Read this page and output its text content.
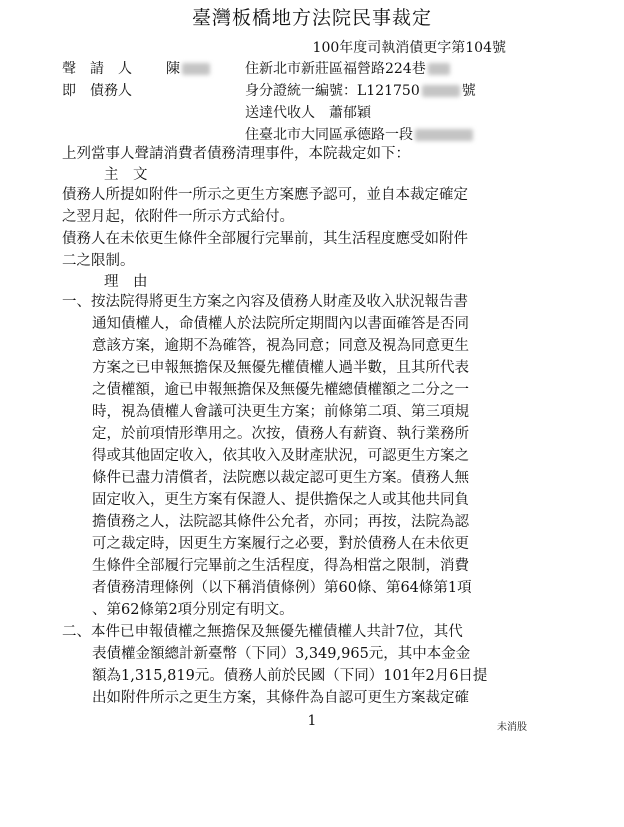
臺灣板橋地方法院民事裁定
100年度司執消債更字第104號
聲　請　人 陳	住新北市新莊區福營路224巷
即　債務人	身分證統一編號：L121750	號
送達代收人　蕭郁穎
住臺北市大同區承德路一段
上列當事人聲請消費者債務清理事件，本院裁定如下：
主　文
債務人所提如附件一所示之更生方案應予認可，並自本裁定確定
之翌月起，依附件一所示方式給付。
債務人在未依更生條件全部履行完畢前，其生活程度應受如附件
二之限制。
理　由
一、按法院得將更生方案之內容及債務人財產及收入狀況報告書
通知債權人，命債權人於法院所定期間內以書面確答是否同
意該方案，逾期不為確答，視為同意；同意及視為同意更生
方案之已申報無擔保及無優先權債權人過半數，且其所代表
之債權額，逾已申報無擔保及無優先權總債權額之二分之一
時，視為債權人會議可決更生方案；前條第二項、第三項規
定，於前項情形準用之。次按，債務人有薪資、執行業務所
得或其他固定收入，依其收入及財產狀況，可認更生方案之
條件已盡力清償者，法院應以裁定認可更生方案。債務人無
固定收入，更生方案有保證人、提供擔保之人或其他共同負
擔債務之人，法院認其條件公允者，亦同；再按，法院為認
可之裁定時，因更生方案履行之必要，對於債務人在未依更
生條件全部履行完畢前之生活程度，得為相當之限制，消費
者債務清理條例（以下稱消債條例）第60條、第64條第1項
、第62條第2項分別定有明文。
二、本件已申報債權之無擔保及無優先權債權人共計7位，其代
表債權金額總計新臺幣（下同）3,349,965元，其中本金金
額為1,315,819元。債務人前於民國（下同）101年2月6日提
出如附件所示之更生方案，其條件為自認可更生方案裁定確
1	未消股
